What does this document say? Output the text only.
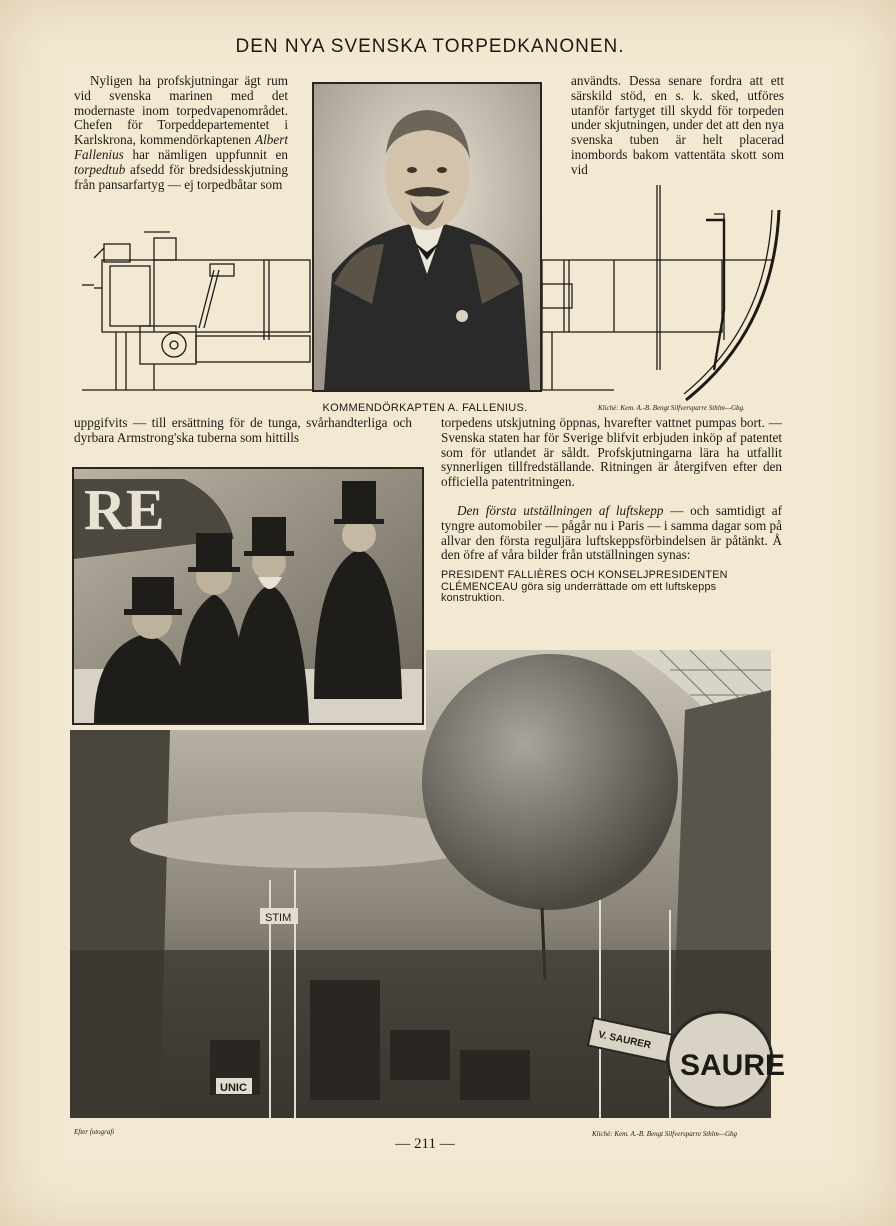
DEN NYA SVENSKA TORPEDKANONEN.

Nyligen ha profskjutningar ägt rum vid svenska marinen med det modernaste inom torpedvapenområdet. Chefen för Torpeddepartementet i Karlskrona, kommendörkaptenen Albert Fallenius har nämligen uppfunnit en torpedtub afsedd för bredsidesskjutning från pansarfartyg — ej torpedbåtar som

användts. Dessa senare fordra att ett särskild stöd, en s. k. sked, utföres utanför fartyget till skydd för torpeden under skjutningen, under det att den nya svenska tuben är helt placerad inombords bakom vattentäta skott som vid

KOMMENDÖRKAPTEN A. FALLENIUS.	Klichè: Kem. A.-B. Bengt Silfversparre Sthlm—Gbg.

uppgifvits — till ersättning för de tunga, svårhandterliga och dyrbara Armstrong'ska tuberna som hittills

torpedens utskjutning öppnas, hvarefter vattnet pumpas bort. — Svenska staten har för Sverige blifvit erbjuden inköp af patentet som för utlandet är såldt. Profskjutningarna lära ha utfallit synnerligen tillfredställande. Ritningen är återgifven efter den officiella patentritningen.

Den första utställningen af luftskepp — och samtidigt af tyngre automobiler — pågår nu i Paris — i samma dagar som på allvar den första reguljära luftskeppsförbindelsen är påtänkt. Å den öfre af våra bilder från utställningen synas:

PRESIDENT FALLIÈRES OCH KONSELJPRESIDENTEN CLÉMENCEAU göra sig underrättade om ett luftskepps konstruktion.

RE
STIM
UNIC
SAURE
V. SAURER
Efter fotografi	Klichè: Kem. A.-B. Bengt Silfversparre Sthlm—Gbg
— 211 —
